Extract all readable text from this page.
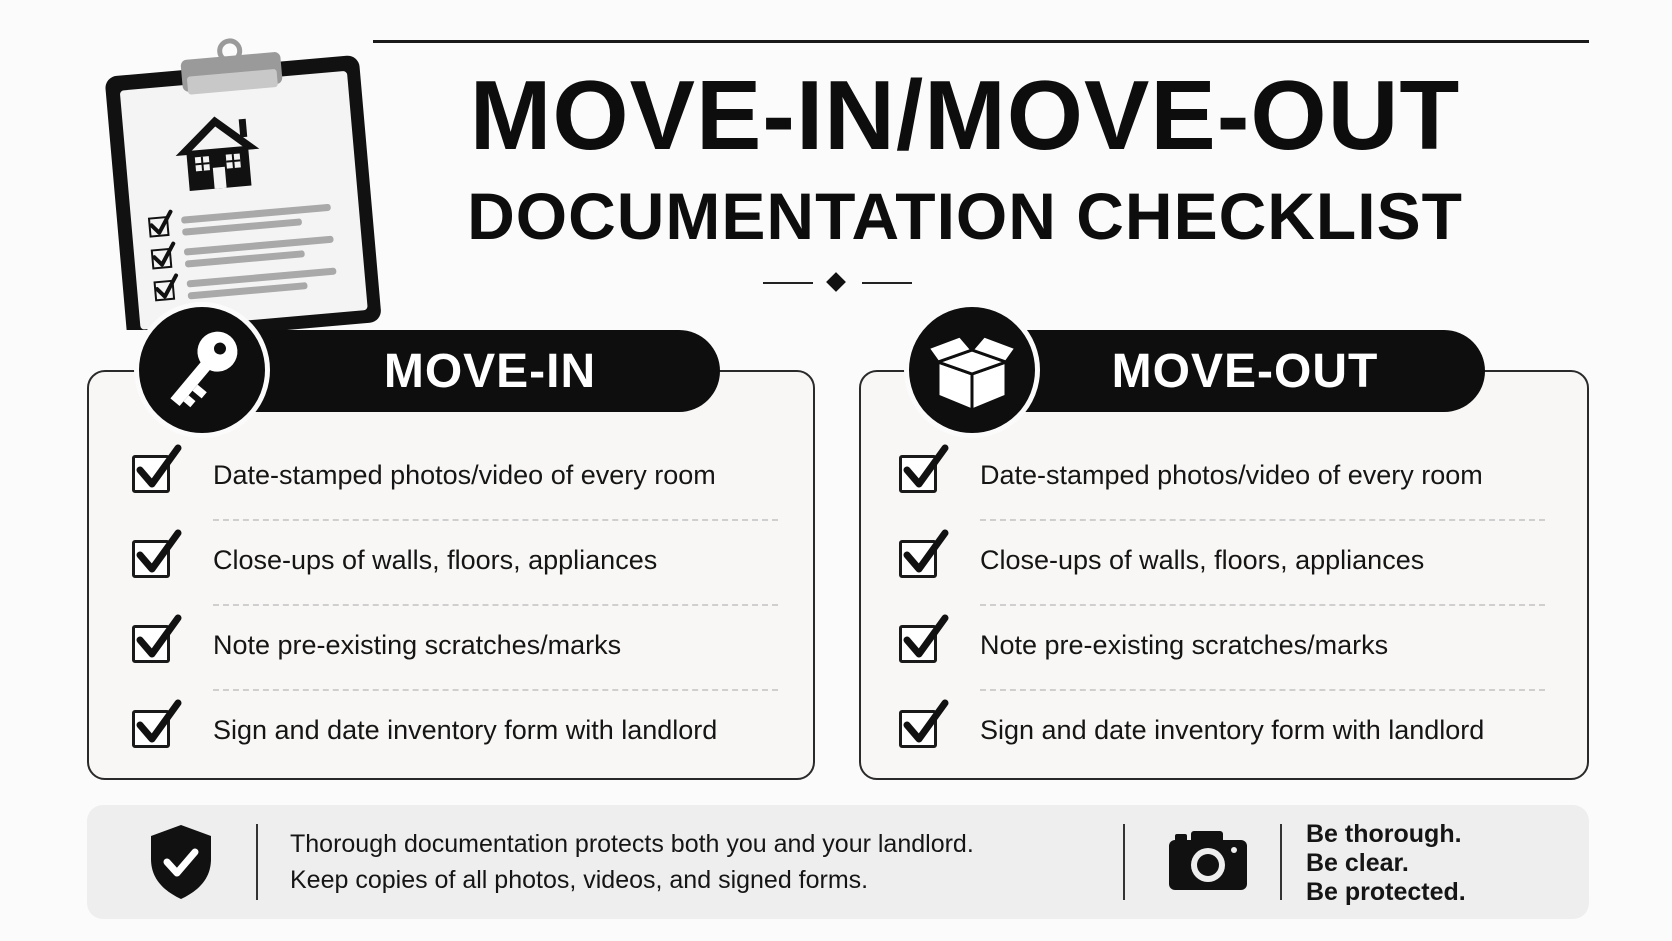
MOVE-IN/MOVE-OUT
DOCUMENTATION CHECKLIST
MOVE-IN
Date-stamped photos/video of every room
Close-ups of walls, floors, appliances
Note pre-existing scratches/marks
Sign and date inventory form with landlord
MOVE-OUT
Date-stamped photos/video of every room
Close-ups of walls, floors, appliances
Note pre-existing scratches/marks
Sign and date inventory form with landlord
Thorough documentation protects both you and your landlord.
Keep copies of all photos, videos, and signed forms.
Be thorough.
Be clear.
Be protected.
